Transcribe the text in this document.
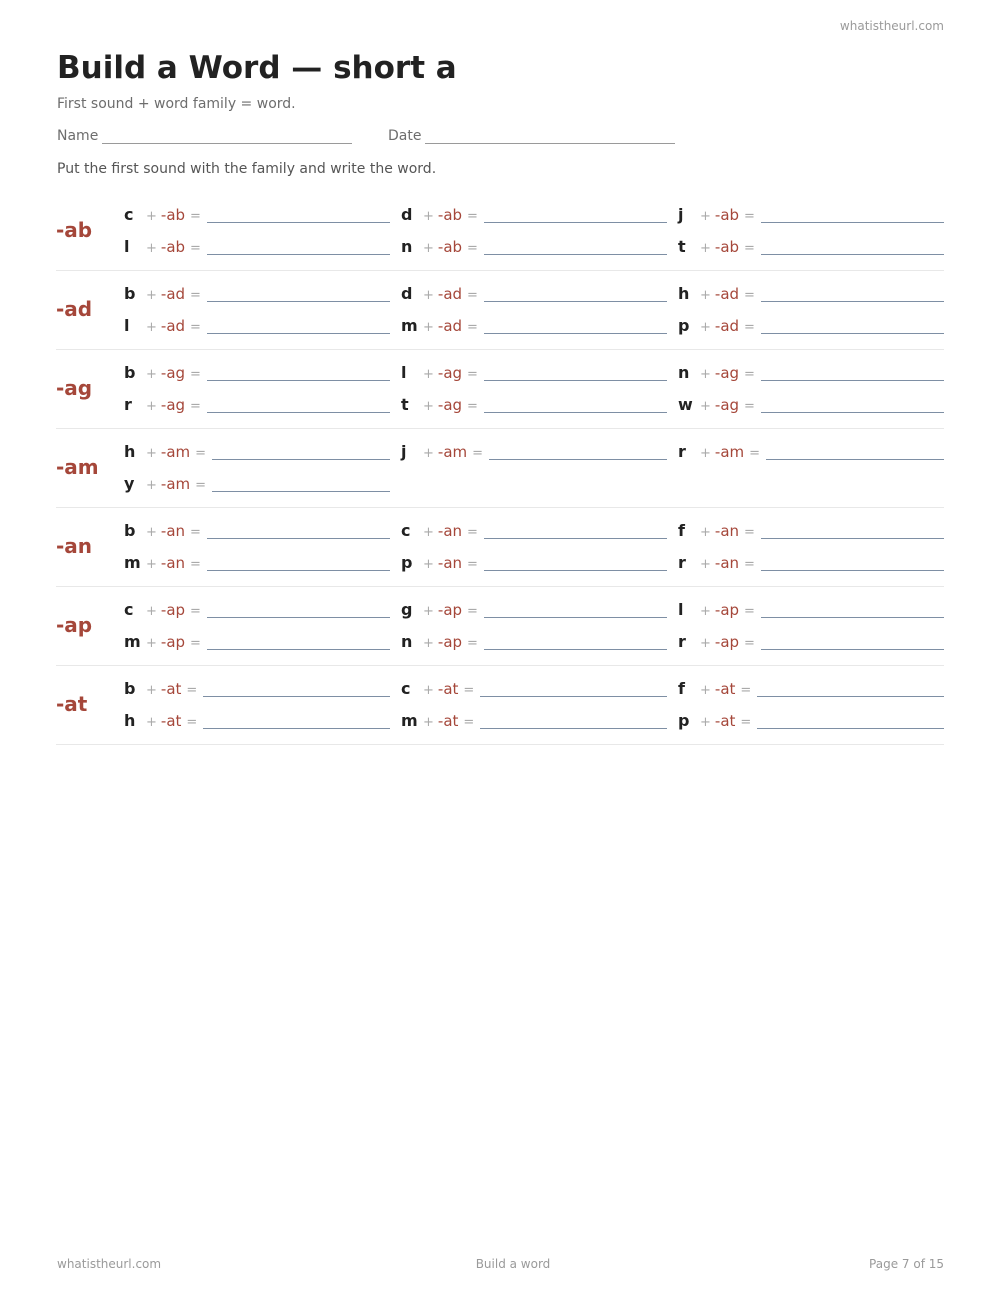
whatistheurl.com
Build a Word — short a
First sound + word family = word.
Name	Date
Put the first sound with the family and write the word.
-ab
c + -ab =	d + -ab =	j	+ -ab =
l	+ -ab =	n + -ab =	t	+ -ab =
-ad
b + -ad =	d + -ad =	h + -ad =
l	+ -ad =	m + -ad =	p + -ad =
-ag
b + -ag =	l	+ -ag =	n + -ag =
r	+ -ag =	t	+ -ag =	w + -ag =
-am
h + -am =	j	+ -am =	r	+ -am =
y + -am =
-an
b + -an =	c + -an =	f	+ -an =
m + -an =	p + -an =	r	+ -an =
-ap
c + -ap =	g + -ap =	l	+ -ap =
m + -ap =	n + -ap =	r	+ -ap =
-at
b + -at =	c + -at =	f	+ -at =
h + -at =	m + -at =	p + -at =
whatistheurl.com	Build a word	Page 7 of 15
